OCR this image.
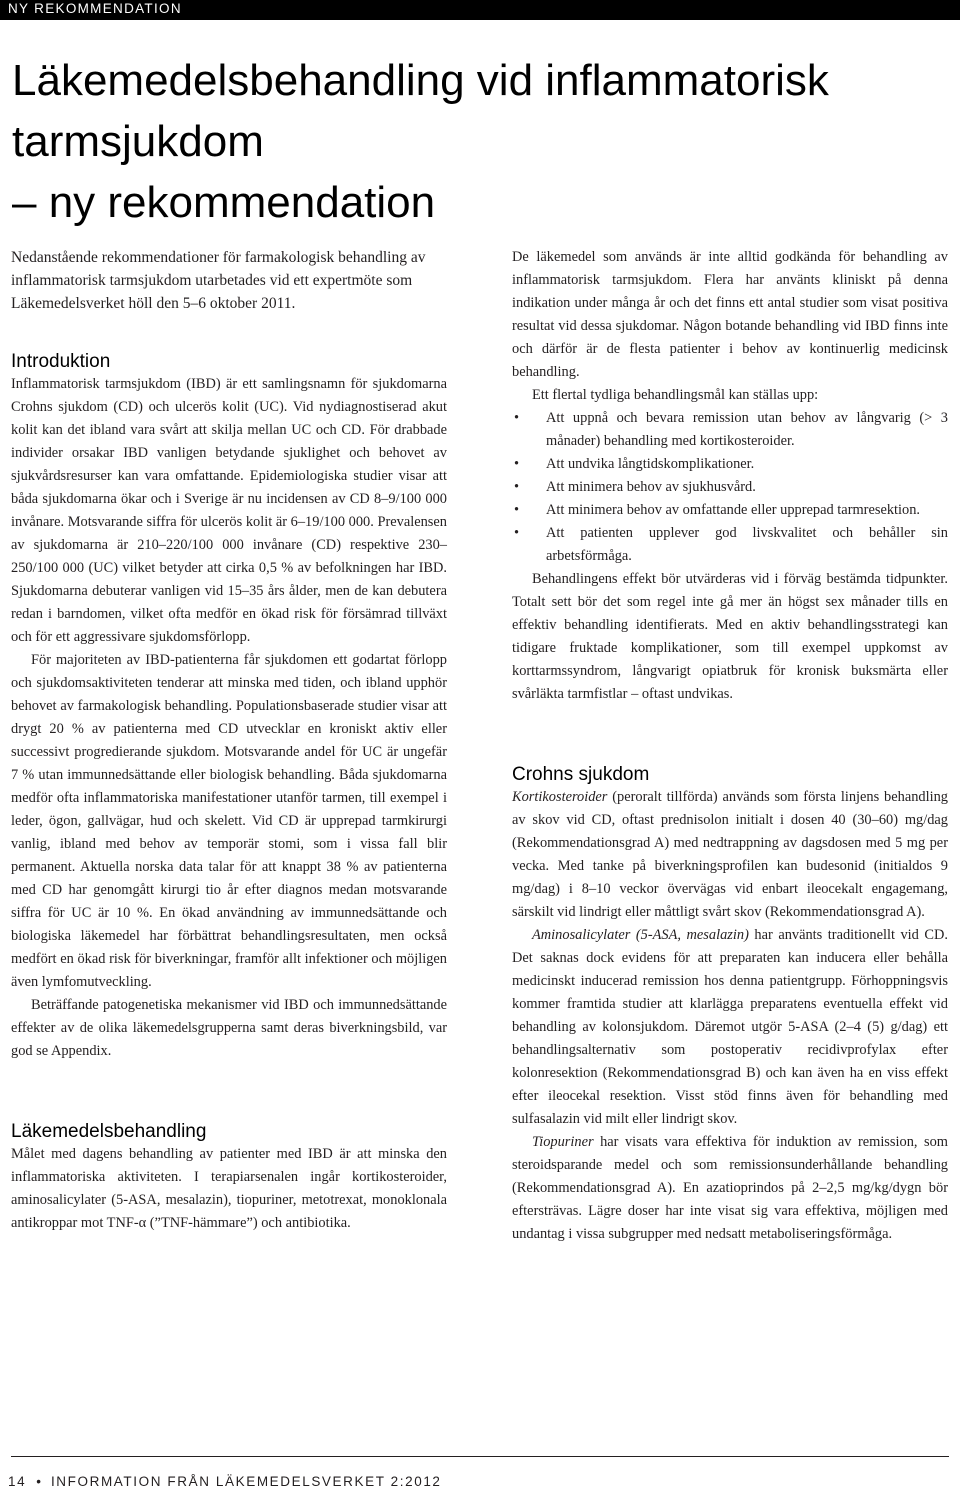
NY REKOMMENDATION
Läkemedelsbehandling vid inflammatorisk
tarmsjukdom
– ny rekommendation

Nedanstående rekommendationer för farmakologisk behandling av inflammatorisk tarmsjukdom utarbetades vid ett expertmöte som Läkemedelsverket höll den 5–6 oktober 2011.

Introduktion

Inflammatorisk tarmsjukdom (IBD) är ett samlingsnamn för sjukdomarna Crohns sjukdom (CD) och ulcerös kolit (UC). Vid nydiagnostiserad akut kolit kan det ibland vara svårt att skilja mellan UC och CD. För drabbade individer orsakar IBD vanligen betydande sjuklighet och behovet av sjukvårdsresurser kan vara omfattande. Epidemiologiska studier visar att båda sjukdomarna ökar och i Sverige är nu incidensen av CD 8–9/100 000 invånare. Motsvarande siffra för ulcerös kolit är 6–19/100 000. Prevalensen av sjukdomarna är 210–220/100 000 invånare (CD) respektive 230–250/100 000 (UC) vilket betyder att cirka 0,5 % av befolkningen har IBD. Sjukdomarna debuterar vanligen vid 15–35 års ålder, men de kan debutera redan i barndomen, vilket ofta medför en ökad risk för försämrad tillväxt och för ett aggressivare sjukdomsförlopp.

För majoriteten av IBD-patienterna får sjukdomen ett godartat förlopp och sjukdomsaktiviteten tenderar att minska med tiden, och ibland upphör behovet av farmakologisk behandling. Populationsbaserade studier visar att drygt 20 % av patienterna med CD utvecklar en kroniskt aktiv eller successivt progredierande sjukdom. Motsvarande andel för UC är ungefär 7 % utan immunnedsättande eller biologisk behandling. Båda sjukdomarna medför ofta inflammatoriska manifestationer utanför tarmen, till exempel i leder, ögon, gallvägar, hud och skelett. Vid CD är upprepad tarmkirurgi vanlig, ibland med behov av temporär stomi, som i vissa fall blir permanent. Aktuella norska data talar för att knappt 38 % av patienterna med CD har genomgått kirurgi tio år efter diagnos medan motsvarande siffra för UC är 10 %. En ökad användning av immunnedsättande och biologiska läkemedel har förbättrat behandlingsresultaten, men också medfört en ökad risk för biverkningar, framför allt infektioner och möjligen även lymfomutveckling.

Beträffande patogenetiska mekanismer vid IBD och immunnedsättande effekter av de olika läkemedelsgrupperna samt deras biverkningsbild, var god se Appendix.

Läkemedelsbehandling

Målet med dagens behandling av patienter med IBD är att minska den inflammatoriska aktiviteten. I terapiarsenalen ingår kortikosteroider, aminosalicylater (5-ASA, mesalazin), tiopuriner, metotrexat, monoklonala antikroppar mot TNF-α (”TNF-hämmare”) och antibiotika.

De läkemedel som används är inte alltid godkända för behandling av inflammatorisk tarmsjukdom. Flera har använts kliniskt på denna indikation under många år och det finns ett antal studier som visat positiva resultat vid dessa sjukdomar. Någon botande behandling vid IBD finns inte och därför är de flesta patienter i behov av kontinuerlig medicinsk behandling.

Ett flertal tydliga behandlingsmål kan ställas upp:

• Att uppnå och bevara remission utan behov av långvarig (> 3 månader) behandling med kortikosteroider.
• Att undvika långtidskomplikationer.
• Att minimera behov av sjukhusvård.
• Att minimera behov av omfattande eller upprepad tarmresektion.
• Att patienten upplever god livskvalitet och behåller sin arbetsförmåga.

Behandlingens effekt bör utvärderas vid i förväg bestämda tidpunkter. Totalt sett bör det som regel inte gå mer än högst sex månader tills en effektiv behandling identifierats. Med en aktiv behandlingsstrategi kan tidigare fruktade komplikationer, som till exempel uppkomst av korttarmssyndrom, långvarigt opiatbruk för kronisk buksmärta eller svårläkta tarmfistlar – oftast undvikas.

Crohns sjukdom

Kortikosteroider (peroralt tillförda) används som första linjens behandling av skov vid CD, oftast prednisolon initialt i dosen 40 (30–60) mg/dag (Rekommendationsgrad A) med nedtrappning av dagsdosen med 5 mg per vecka. Med tanke på biverkningsprofilen kan budesonid (initialdos 9 mg/dag) i 8–10 veckor övervägas vid enbart ileocekalt engagemang, särskilt vid lindrigt eller måttligt svårt skov (Rekommendationsgrad A).

Aminosalicylater (5-ASA, mesalazin) har använts traditionellt vid CD. Det saknas dock evidens för att preparaten kan inducera eller behålla medicinskt inducerad remission hos denna patientgrupp. Förhoppningsvis kommer framtida studier att klarlägga preparatens eventuella effekt vid behandling av kolonsjukdom. Däremot utgör 5-ASA (2–4 (5) g/dag) ett behandlingsalternativ som postoperativ recidivprofylax efter kolonresektion (Rekommendationsgrad B) och kan även ha en viss effekt efter ileocekal resektion. Visst stöd finns även för behandling med sulfasalazin vid milt eller lindrigt skov.

Tiopuriner har visats vara effektiva för induktion av remission, som steroidsparande medel och som remissionsunderhållande behandling (Rekommendationsgrad A). En azatioprindos på 2–2,5 mg/kg/dygn bör eftersträvas. Lägre doser har inte visat sig vara effektiva, möjligen med undantag i vissa subgrupper med nedsatt metaboliseringsförmåga.

14 • INFORMATION FRÅN LÄKEMEDELSVERKET 2:2012
